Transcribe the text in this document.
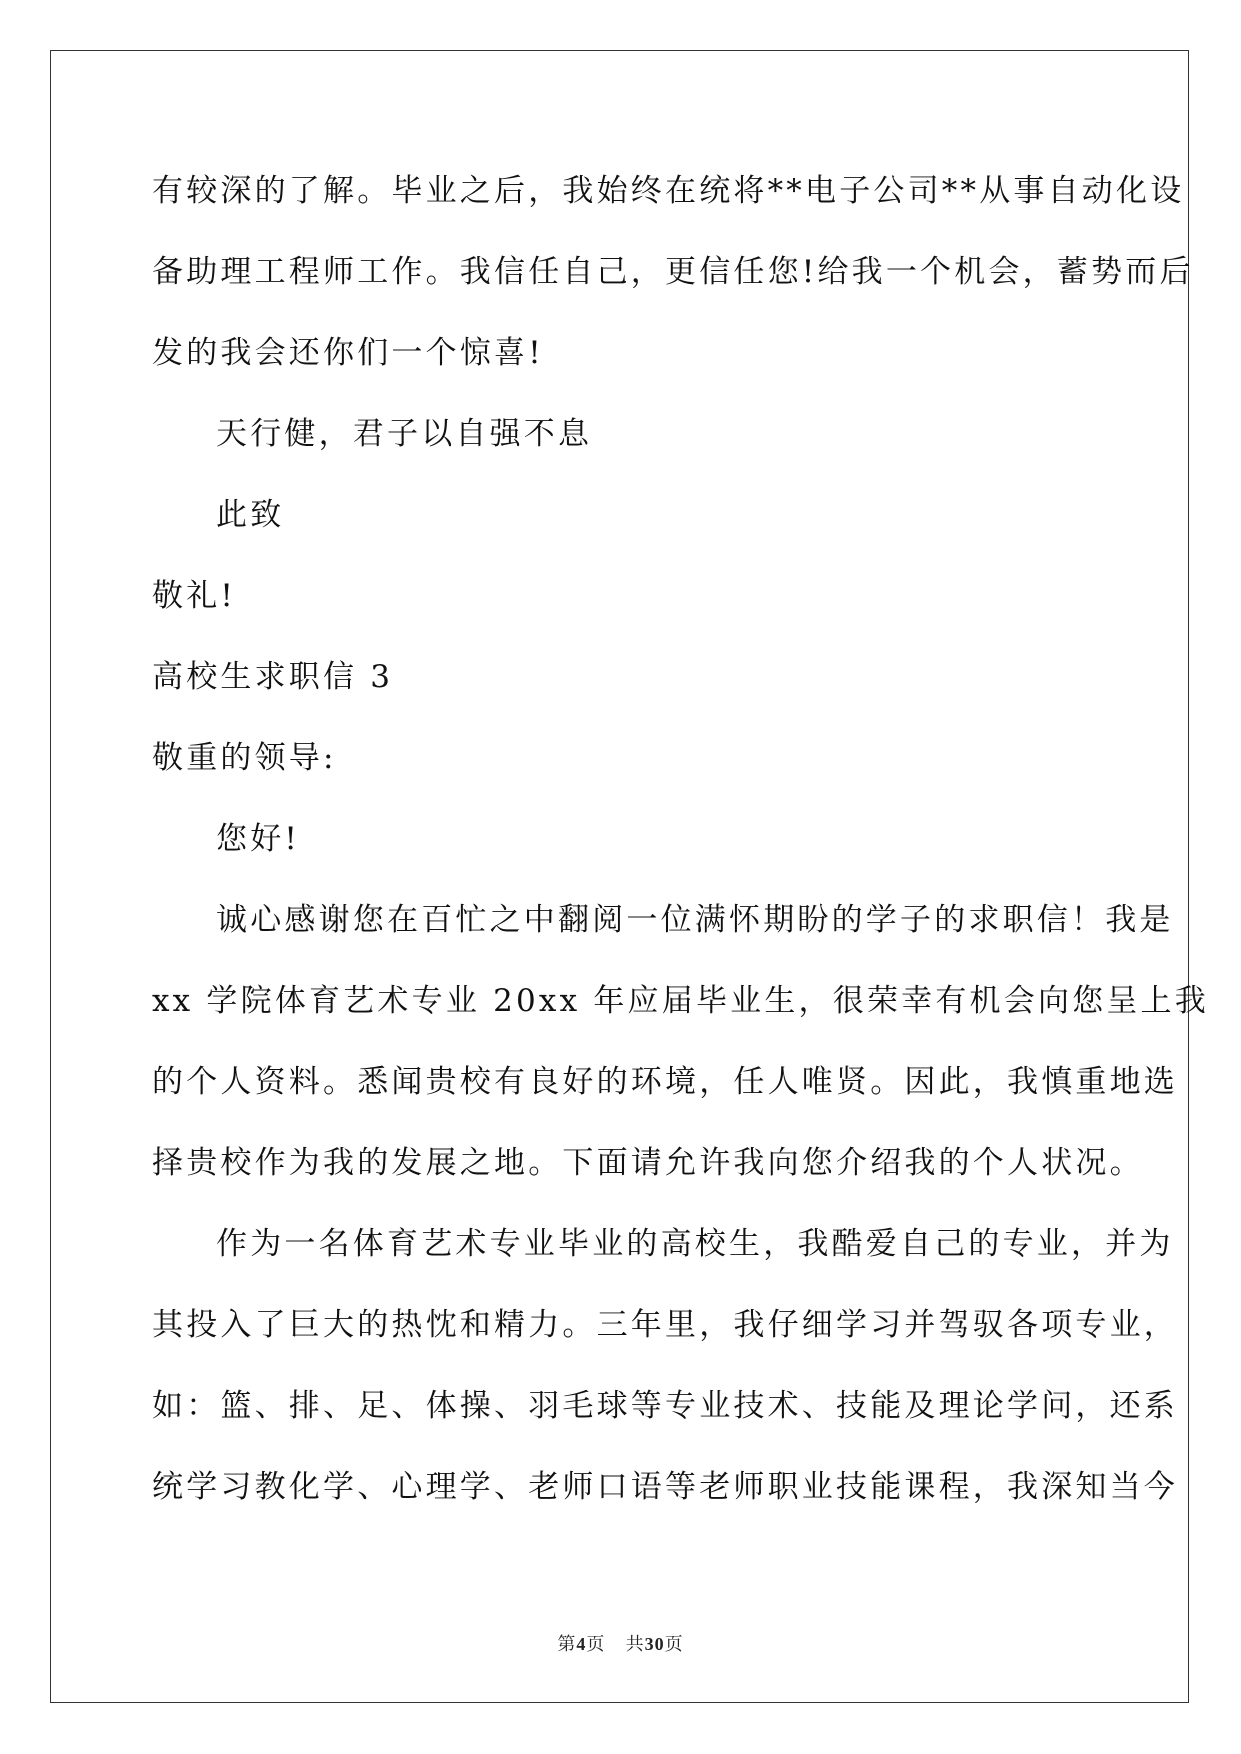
有较深的了解。毕业之后，我始终在统将**电子公司**从事自动化设
备助理工程师工作。我信任自己，更信任您!给我一个机会，蓄势而后
发的我会还你们一个惊喜!
天行健，君子以自强不息
此致
敬礼!
高校生求职信 3
敬重的领导:
您好!
诚心感谢您在百忙之中翻阅一位满怀期盼的学子的求职信！我是
xx 学院体育艺术专业 20xx 年应届毕业生，很荣幸有机会向您呈上我
的个人资料。悉闻贵校有良好的环境，任人唯贤。因此，我慎重地选
择贵校作为我的发展之地。下面请允许我向您介绍我的个人状况。
作为一名体育艺术专业毕业的高校生，我酷爱自己的专业，并为
其投入了巨大的热忱和精力。三年里，我仔细学习并驾驭各项专业，
如：篮、排、足、体操、羽毛球等专业技术、技能及理论学问，还系
统学习教化学、心理学、老师口语等老师职业技能课程，我深知当今
第4页 共30页
